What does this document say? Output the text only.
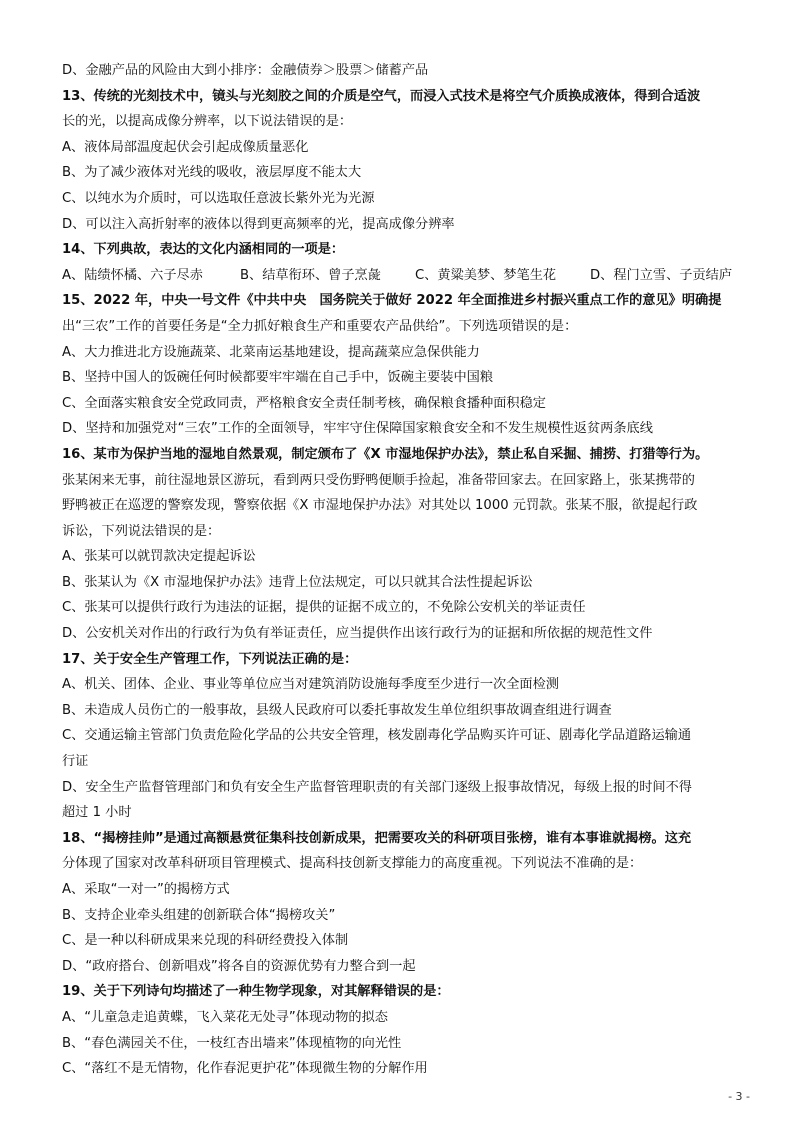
D、金融产品的风险由大到小排序：金融债券＞股票＞储蓄产品
13、传统的光刻技术中，镜头与光刻胶之间的介质是空气，而浸入式技术是将空气介质换成液体，得到合适波
长的光，以提高成像分辨率，以下说法错误的是：
A、液体局部温度起伏会引起成像质量恶化
B、为了减少液体对光线的吸收，液层厚度不能太大
C、以纯水为介质时，可以选取任意波长紫外光为光源
D、可以注入高折射率的液体以得到更高频率的光，提高成像分辨率
14、下列典故，表达的文化内涵相同的一项是：
A、陆绩怀橘、六子尽赤	B、结草衔环、曾子烹彘	C、黄粱美梦、梦笔生花	D、程门立雪、子贡结庐
15、2022 年，中央一号文件《中共中央　国务院关于做好 2022 年全面推进乡村振兴重点工作的意见》明确提
出“三农”工作的首要任务是“全力抓好粮食生产和重要农产品供给”。下列选项错误的是：
A、大力推进北方设施蔬菜、北菜南运基地建设，提高蔬菜应急保供能力
B、坚持中国人的饭碗任何时候都要牢牢端在自己手中，饭碗主要装中国粮
C、全面落实粮食安全党政同责，严格粮食安全责任制考核，确保粮食播种面积稳定
D、坚持和加强党对“三农”工作的全面领导，牢牢守住保障国家粮食安全和不发生规模性返贫两条底线
16、某市为保护当地的湿地自然景观，制定颁布了《X 市湿地保护办法》，禁止私自采掘、捕捞、打猎等行为。
张某闲来无事，前往湿地景区游玩，看到两只受伤野鸭便顺手捡起，准备带回家去。在回家路上，张某携带的
野鸭被正在巡逻的警察发现，警察依据《X 市湿地保护办法》对其处以 1000 元罚款。张某不服，欲提起行政
诉讼，下列说法错误的是：
A、张某可以就罚款决定提起诉讼
B、张某认为《X 市湿地保护办法》违背上位法规定，可以只就其合法性提起诉讼
C、张某可以提供行政行为违法的证据，提供的证据不成立的，不免除公安机关的举证责任
D、公安机关对作出的行政行为负有举证责任，应当提供作出该行政行为的证据和所依据的规范性文件
17、关于安全生产管理工作，下列说法正确的是：
A、机关、团体、企业、事业等单位应当对建筑消防设施每季度至少进行一次全面检测
B、未造成人员伤亡的一般事故，县级人民政府可以委托事故发生单位组织事故调查组进行调查
C、交通运输主管部门负责危险化学品的公共安全管理，核发剧毒化学品购买许可证、剧毒化学品道路运输通
行证
D、安全生产监督管理部门和负有安全生产监督管理职责的有关部门逐级上报事故情况，每级上报的时间不得
超过 1 小时
18、“揭榜挂帅”是通过高额悬赏征集科技创新成果，把需要攻关的科研项目张榜，谁有本事谁就揭榜。这充
分体现了国家对改革科研项目管理模式、提高科技创新支撑能力的高度重视。下列说法不准确的是：
A、采取“一对一”的揭榜方式
B、支持企业牵头组建的创新联合体“揭榜攻关”
C、是一种以科研成果来兑现的科研经费投入体制
D、“政府搭台、创新唱戏”将各自的资源优势有力整合到一起
19、关于下列诗句均描述了一种生物学现象，对其解释错误的是：
A、“儿童急走追黄蝶，飞入菜花无处寻”体现动物的拟态
B、“春色满园关不住，一枝红杏出墙来”体现植物的向光性
C、“落红不是无情物，化作春泥更护花”体现微生物的分解作用
- 3 -
